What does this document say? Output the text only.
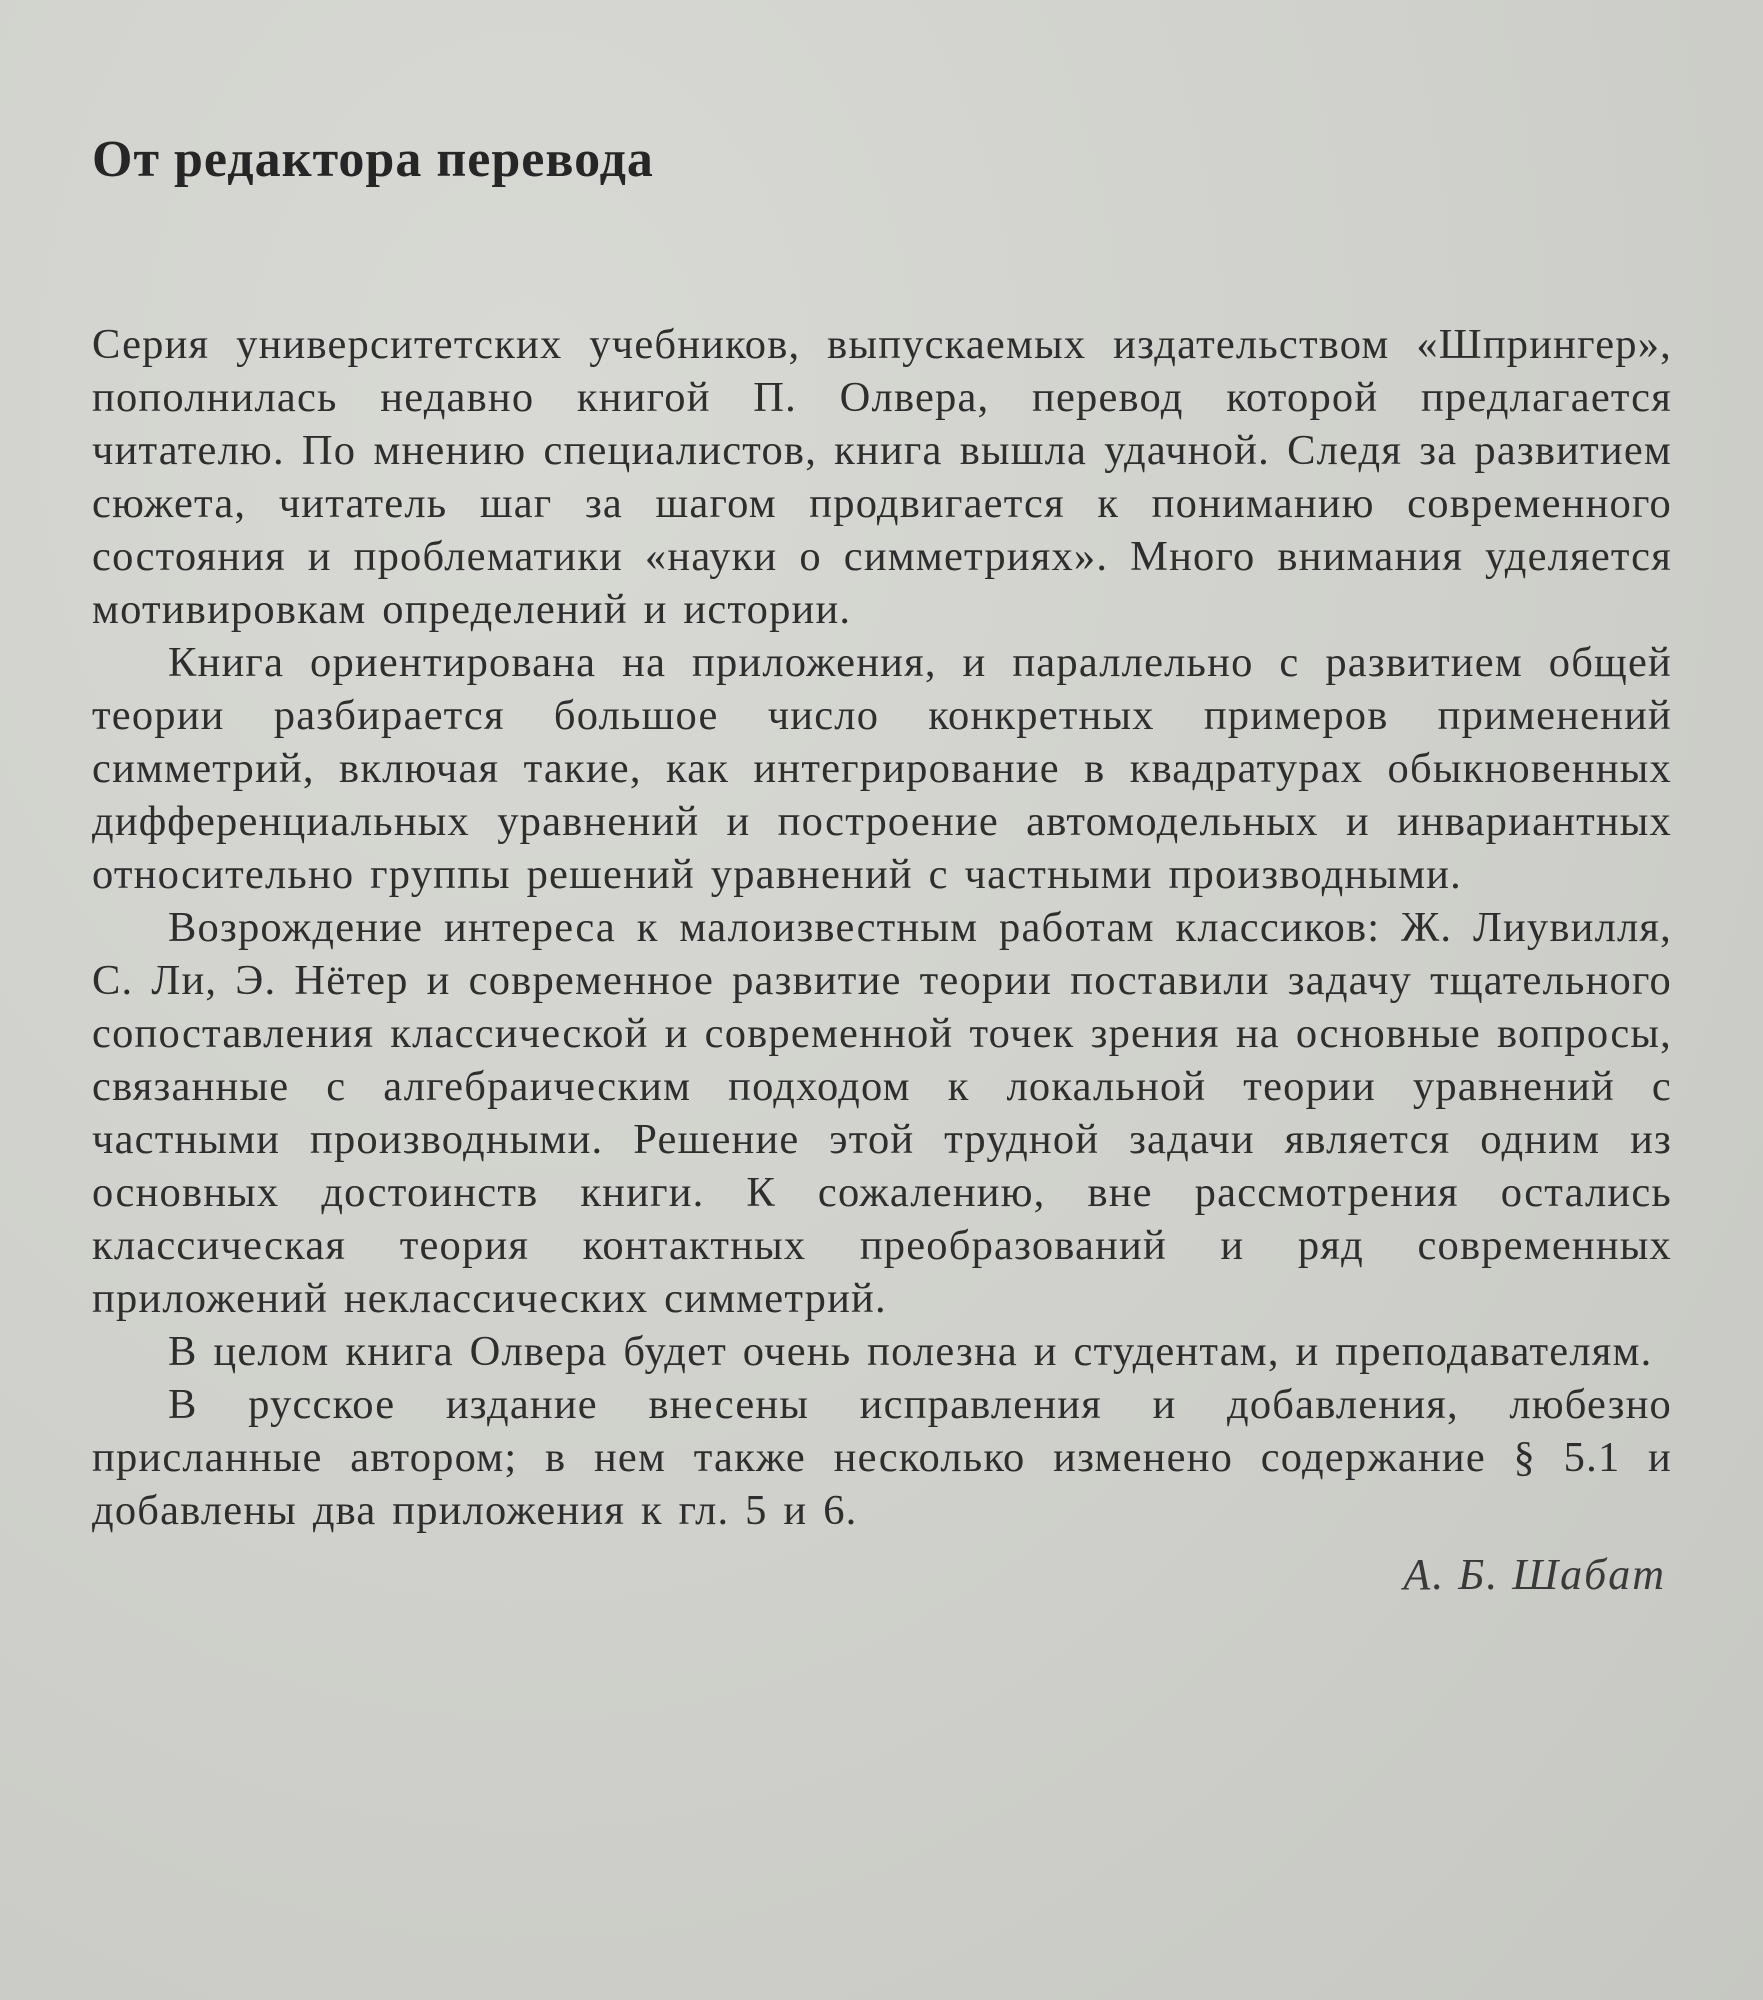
От редактора перевода

Серия университетских учебников, выпускаемых издательством «Шпрингер», пополнилась недавно книгой П. Олвера, перевод которой предлагается читателю. По мнению специалистов, книга вышла удачной. Следя за развитием сюжета, читатель шаг за шагом продвигается к пониманию современного состояния и проблематики «науки о симметриях». Много внимания уделяется мотивировкам определений и истории.

Книга ориентирована на приложения, и параллельно с развитием общей теории разбирается большое число конкретных примеров применений симметрий, включая такие, как интегрирование в квадратурах обыкновенных дифференциальных уравнений и построение автомодельных и инвариантных относительно группы решений уравнений с частными производными.

Возрождение интереса к малоизвестным работам классиков: Ж. Лиувилля, С. Ли, Э. Нётер и современное развитие теории поставили задачу тщательного сопоставления классической и современной точек зрения на основные вопросы, связанные с алгебраическим подходом к локальной теории уравнений с частными производными. Решение этой трудной задачи является одним из основных достоинств книги. К сожалению, вне рассмотрения остались классическая теория контактных преобразований и ряд современных приложений неклассических симметрий.

В целом книга Олвера будет очень полезна и студентам, и преподавателям.

В русское издание внесены исправления и добавления, любезно присланные автором; в нем также несколько изменено содержание § 5.1 и добавлены два приложения к гл. 5 и 6.

А. Б. Шабат
